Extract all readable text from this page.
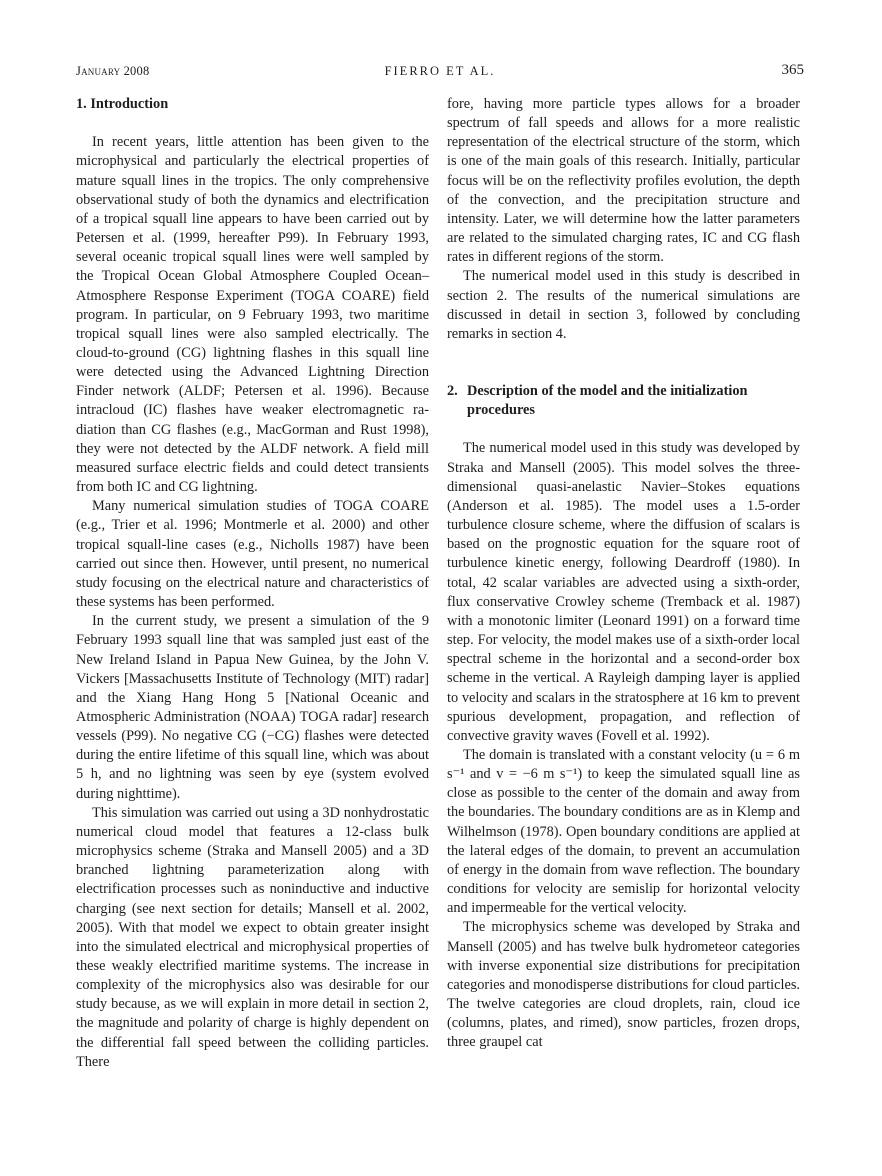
January 2008	FIERRO ET AL.	365
1. Introduction

In recent years, little attention has been given to the microphysical and particularly the electrical properties of mature squall lines in the tropics. The only comprehensive observational study of both the dynamics and electrification of a tropical squall line appears to have been carried out by Petersen et al. (1999, hereafter P99). In February 1993, several oceanic tropical squall lines were well sampled by the Tropical Ocean Global Atmosphere Coupled Ocean–Atmosphere Response Experiment (TOGA COARE) field program. In particular, on 9 February 1993, two maritime tropical squall lines were also sampled electrically. The cloud-to-ground (CG) lightning flashes in this squall line were detected using the Advanced Lightning Direction Finder network (ALDF; Petersen et al. 1996). Because intracloud (IC) flashes have weaker electromagnetic radiation than CG flashes (e.g., MacGorman and Rust 1998), they were not detected by the ALDF network. A field mill measured surface electric fields and could detect transients from both IC and CG lightning.

Many numerical simulation studies of TOGA COARE (e.g., Trier et al. 1996; Montmerle et al. 2000) and other tropical squall-line cases (e.g., Nicholls 1987) have been carried out since then. However, until present, no numerical study focusing on the electrical nature and characteristics of these systems has been performed.

In the current study, we present a simulation of the 9 February 1993 squall line that was sampled just east of the New Ireland Island in Papua New Guinea, by the John V. Vickers [Massachusetts Institute of Technology (MIT) radar] and the Xiang Hang Hong 5 [National Oceanic and Atmospheric Administration (NOAA) TOGA radar] research vessels (P99). No negative CG (−CG) flashes were detected during the entire lifetime of this squall line, which was about 5 h, and no lightning was seen by eye (system evolved during nighttime).

This simulation was carried out using a 3D nonhydrostatic numerical cloud model that features a 12-class bulk microphysics scheme (Straka and Mansell 2005) and a 3D branched lightning parameterization along with electrification processes such as noninductive and inductive charging (see next section for details; Mansell et al. 2002, 2005). With that model we expect to obtain greater insight into the simulated electrical and microphysical properties of these weakly electrified maritime systems. The increase in complexity of the microphysics also was desirable for our study because, as we will explain in more detail in section 2, the magnitude and polarity of charge is highly dependent on the differential fall speed between the colliding particles. There

fore, having more particle types allows for a broader spectrum of fall speeds and allows for a more realistic representation of the electrical structure of the storm, which is one of the main goals of this research. Initially, particular focus will be on the reflectivity profiles evolution, the depth of the convection, and the precipitation structure and intensity. Later, we will determine how the latter parameters are related to the simulated charging rates, IC and CG flash rates in different regions of the storm.

The numerical model used in this study is described in section 2. The results of the numerical simulations are discussed in detail in section 3, followed by concluding remarks in section 4.

2. Description of the model and the initialization procedures

The numerical model used in this study was developed by Straka and Mansell (2005). This model solves the three-dimensional quasi-anelastic Navier–Stokes equations (Anderson et al. 1985). The model uses a 1.5-order turbulence closure scheme, where the diffusion of scalars is based on the prognostic equation for the square root of turbulence kinetic energy, following Deardroff (1980). In total, 42 scalar variables are advected using a sixth-order, flux conservative Crowley scheme (Tremback et al. 1987) with a monotonic limiter (Leonard 1991) on a forward time step. For velocity, the model makes use of a sixth-order local spectral scheme in the horizontal and a second-order box scheme in the vertical. A Rayleigh damping layer is applied to velocity and scalars in the stratosphere at 16 km to prevent spurious development, propagation, and reflection of convective gravity waves (Fovell et al. 1992).

The domain is translated with a constant velocity (u = 6 m s⁻¹ and v = −6 m s⁻¹) to keep the simulated squall line as close as possible to the center of the domain and away from the boundaries. The boundary conditions are as in Klemp and Wilhelmson (1978). Open boundary conditions are applied at the lateral edges of the domain, to prevent an accumulation of energy in the domain from wave reflection. The boundary conditions for velocity are semislip for horizontal velocity and impermeable for the vertical velocity.

The microphysics scheme was developed by Straka and Mansell (2005) and has twelve bulk hydrometeor categories with inverse exponential size distributions for precipitation categories and monodisperse distributions for cloud particles. The twelve categories are cloud droplets, rain, cloud ice (columns, plates, and rimed), snow particles, frozen drops, three graupel cat
